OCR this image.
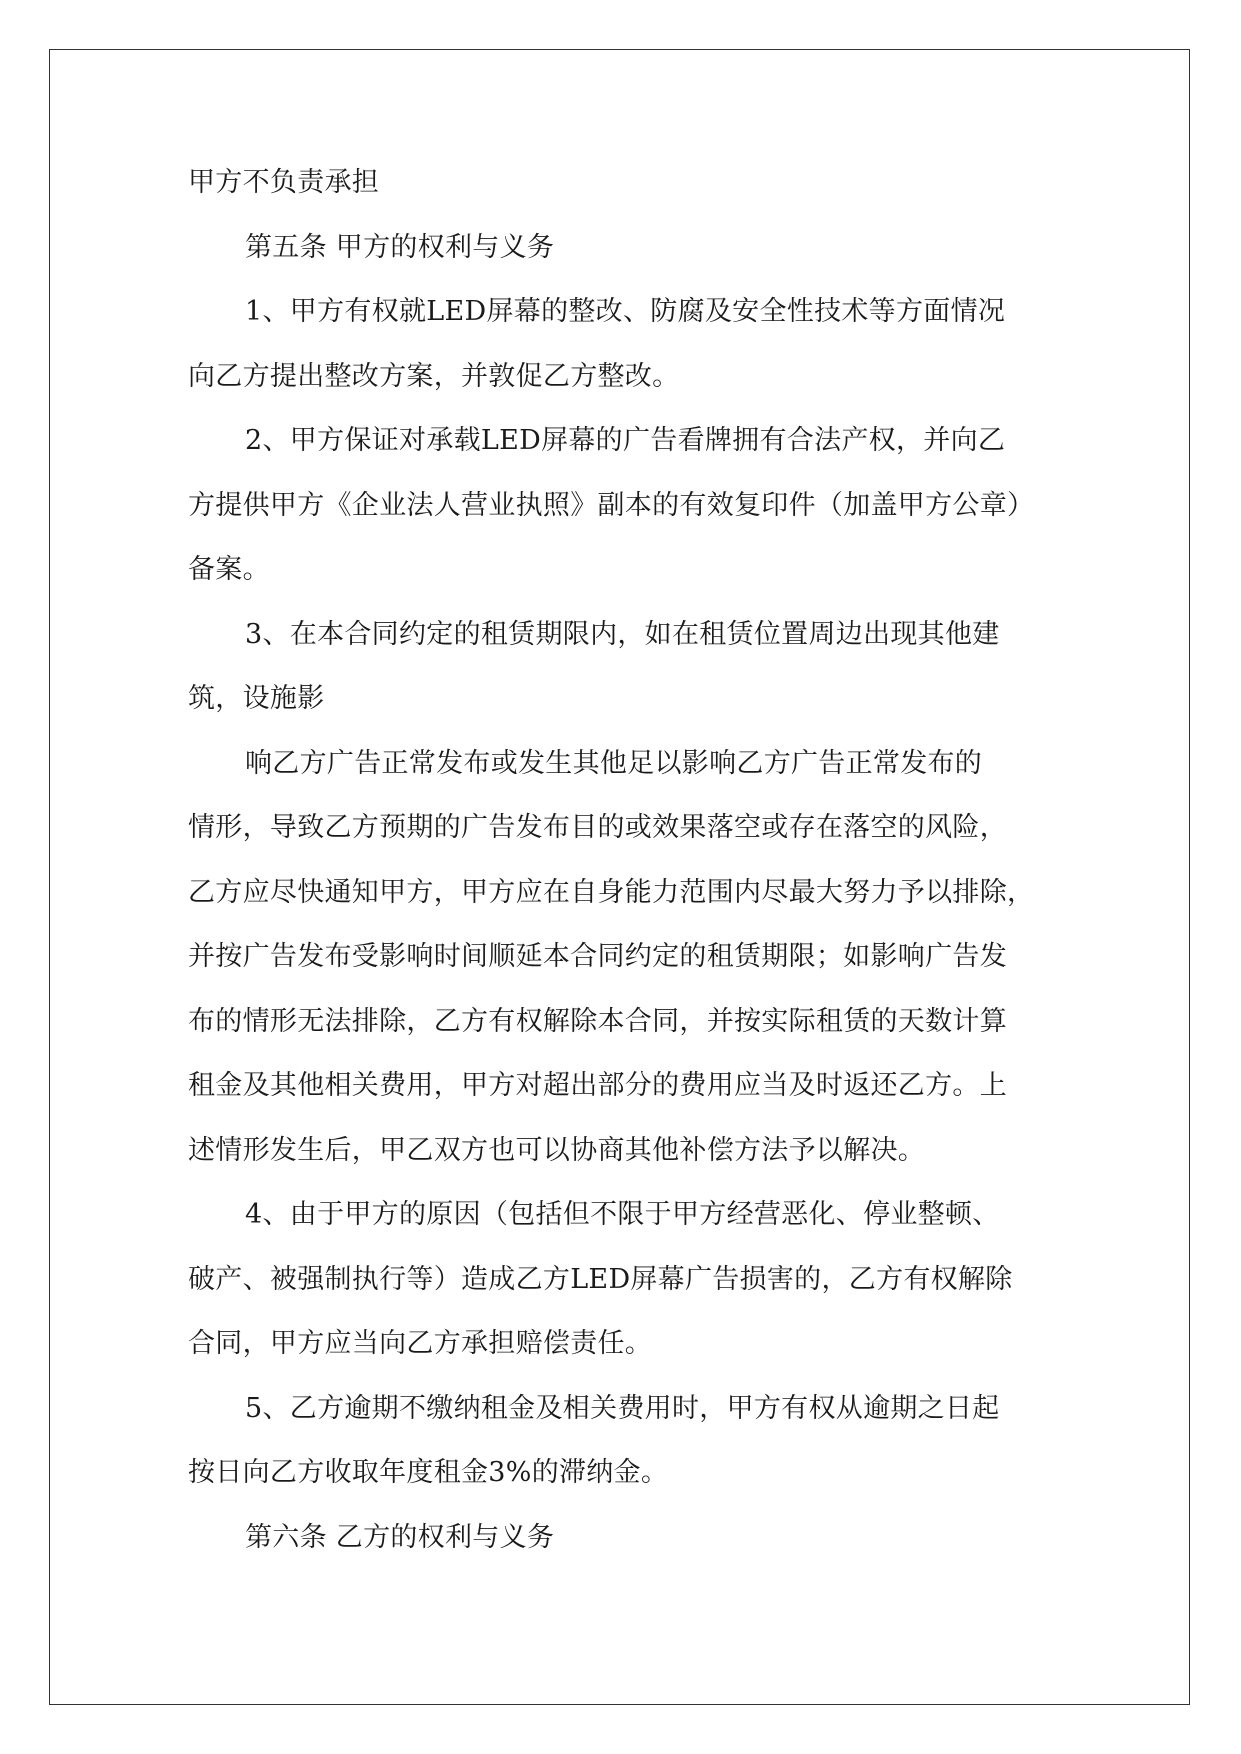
甲方不负责承担
第五条 甲方的权利与义务
1、甲方有权就LED屏幕的整改、防腐及安全性技术等方面情况
向乙方提出整改方案，并敦促乙方整改。
2、甲方保证对承载LED屏幕的广告看牌拥有合法产权，并向乙
方提供甲方《企业法人营业执照》副本的有效复印件（加盖甲方公章）
备案。
3、在本合同约定的租赁期限内，如在租赁位置周边出现其他建
筑，设施影
响乙方广告正常发布或发生其他足以影响乙方广告正常发布的
情形，导致乙方预期的广告发布目的或效果落空或存在落空的风险，
乙方应尽快通知甲方，甲方应在自身能力范围内尽最大努力予以排除，
并按广告发布受影响时间顺延本合同约定的租赁期限；如影响广告发
布的情形无法排除，乙方有权解除本合同，并按实际租赁的天数计算
租金及其他相关费用，甲方对超出部分的费用应当及时返还乙方。上
述情形发生后，甲乙双方也可以协商其他补偿方法予以解决。
4、由于甲方的原因（包括但不限于甲方经营恶化、停业整顿、
破产、被强制执行等）造成乙方LED屏幕广告损害的，乙方有权解除
合同，甲方应当向乙方承担赔偿责任。
5、乙方逾期不缴纳租金及相关费用时，甲方有权从逾期之日起
按日向乙方收取年度租金3%的滞纳金。
第六条 乙方的权利与义务
